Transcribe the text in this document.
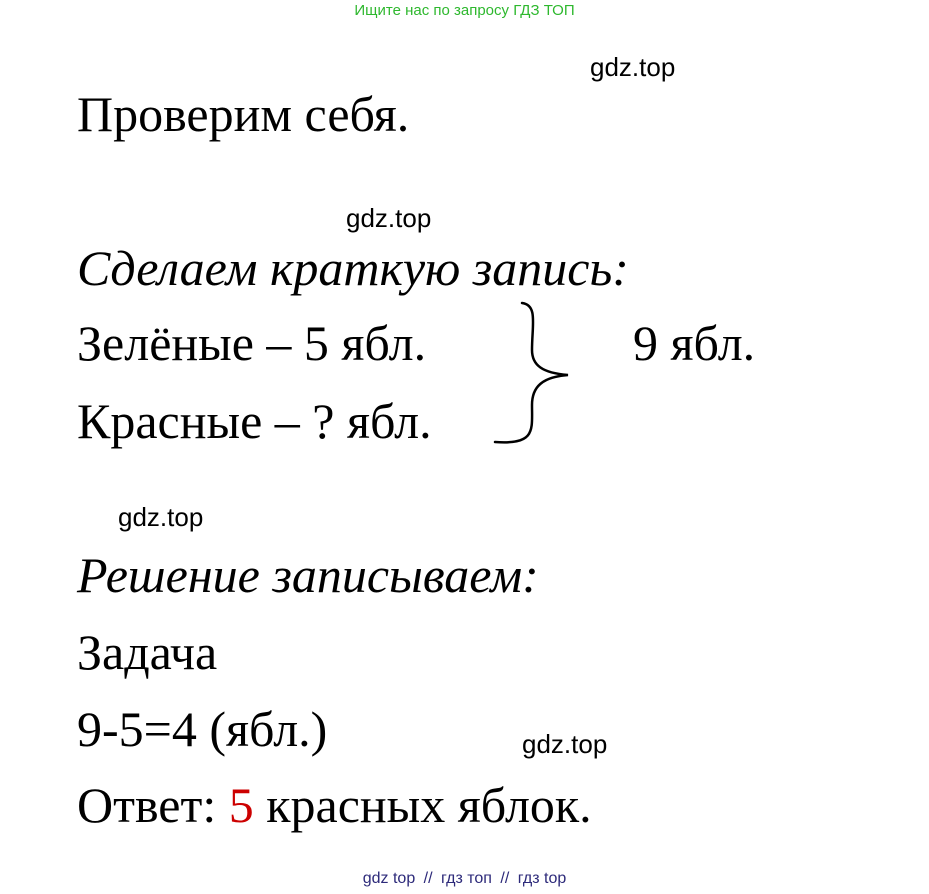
Ищите нас по запросу ГДЗ ТОП
gdz.top
Проверим себя.
gdz.top
Сделаем краткую запись:
Зелёные – 5 ябл.
Красные – ? ябл.
9 ябл.
gdz.top
Решение записываем:
Задача
9-5=4 (ябл.)	gdz.top
Ответ: 5 красных яблок.
gdz top // гдз топ // гдз top
